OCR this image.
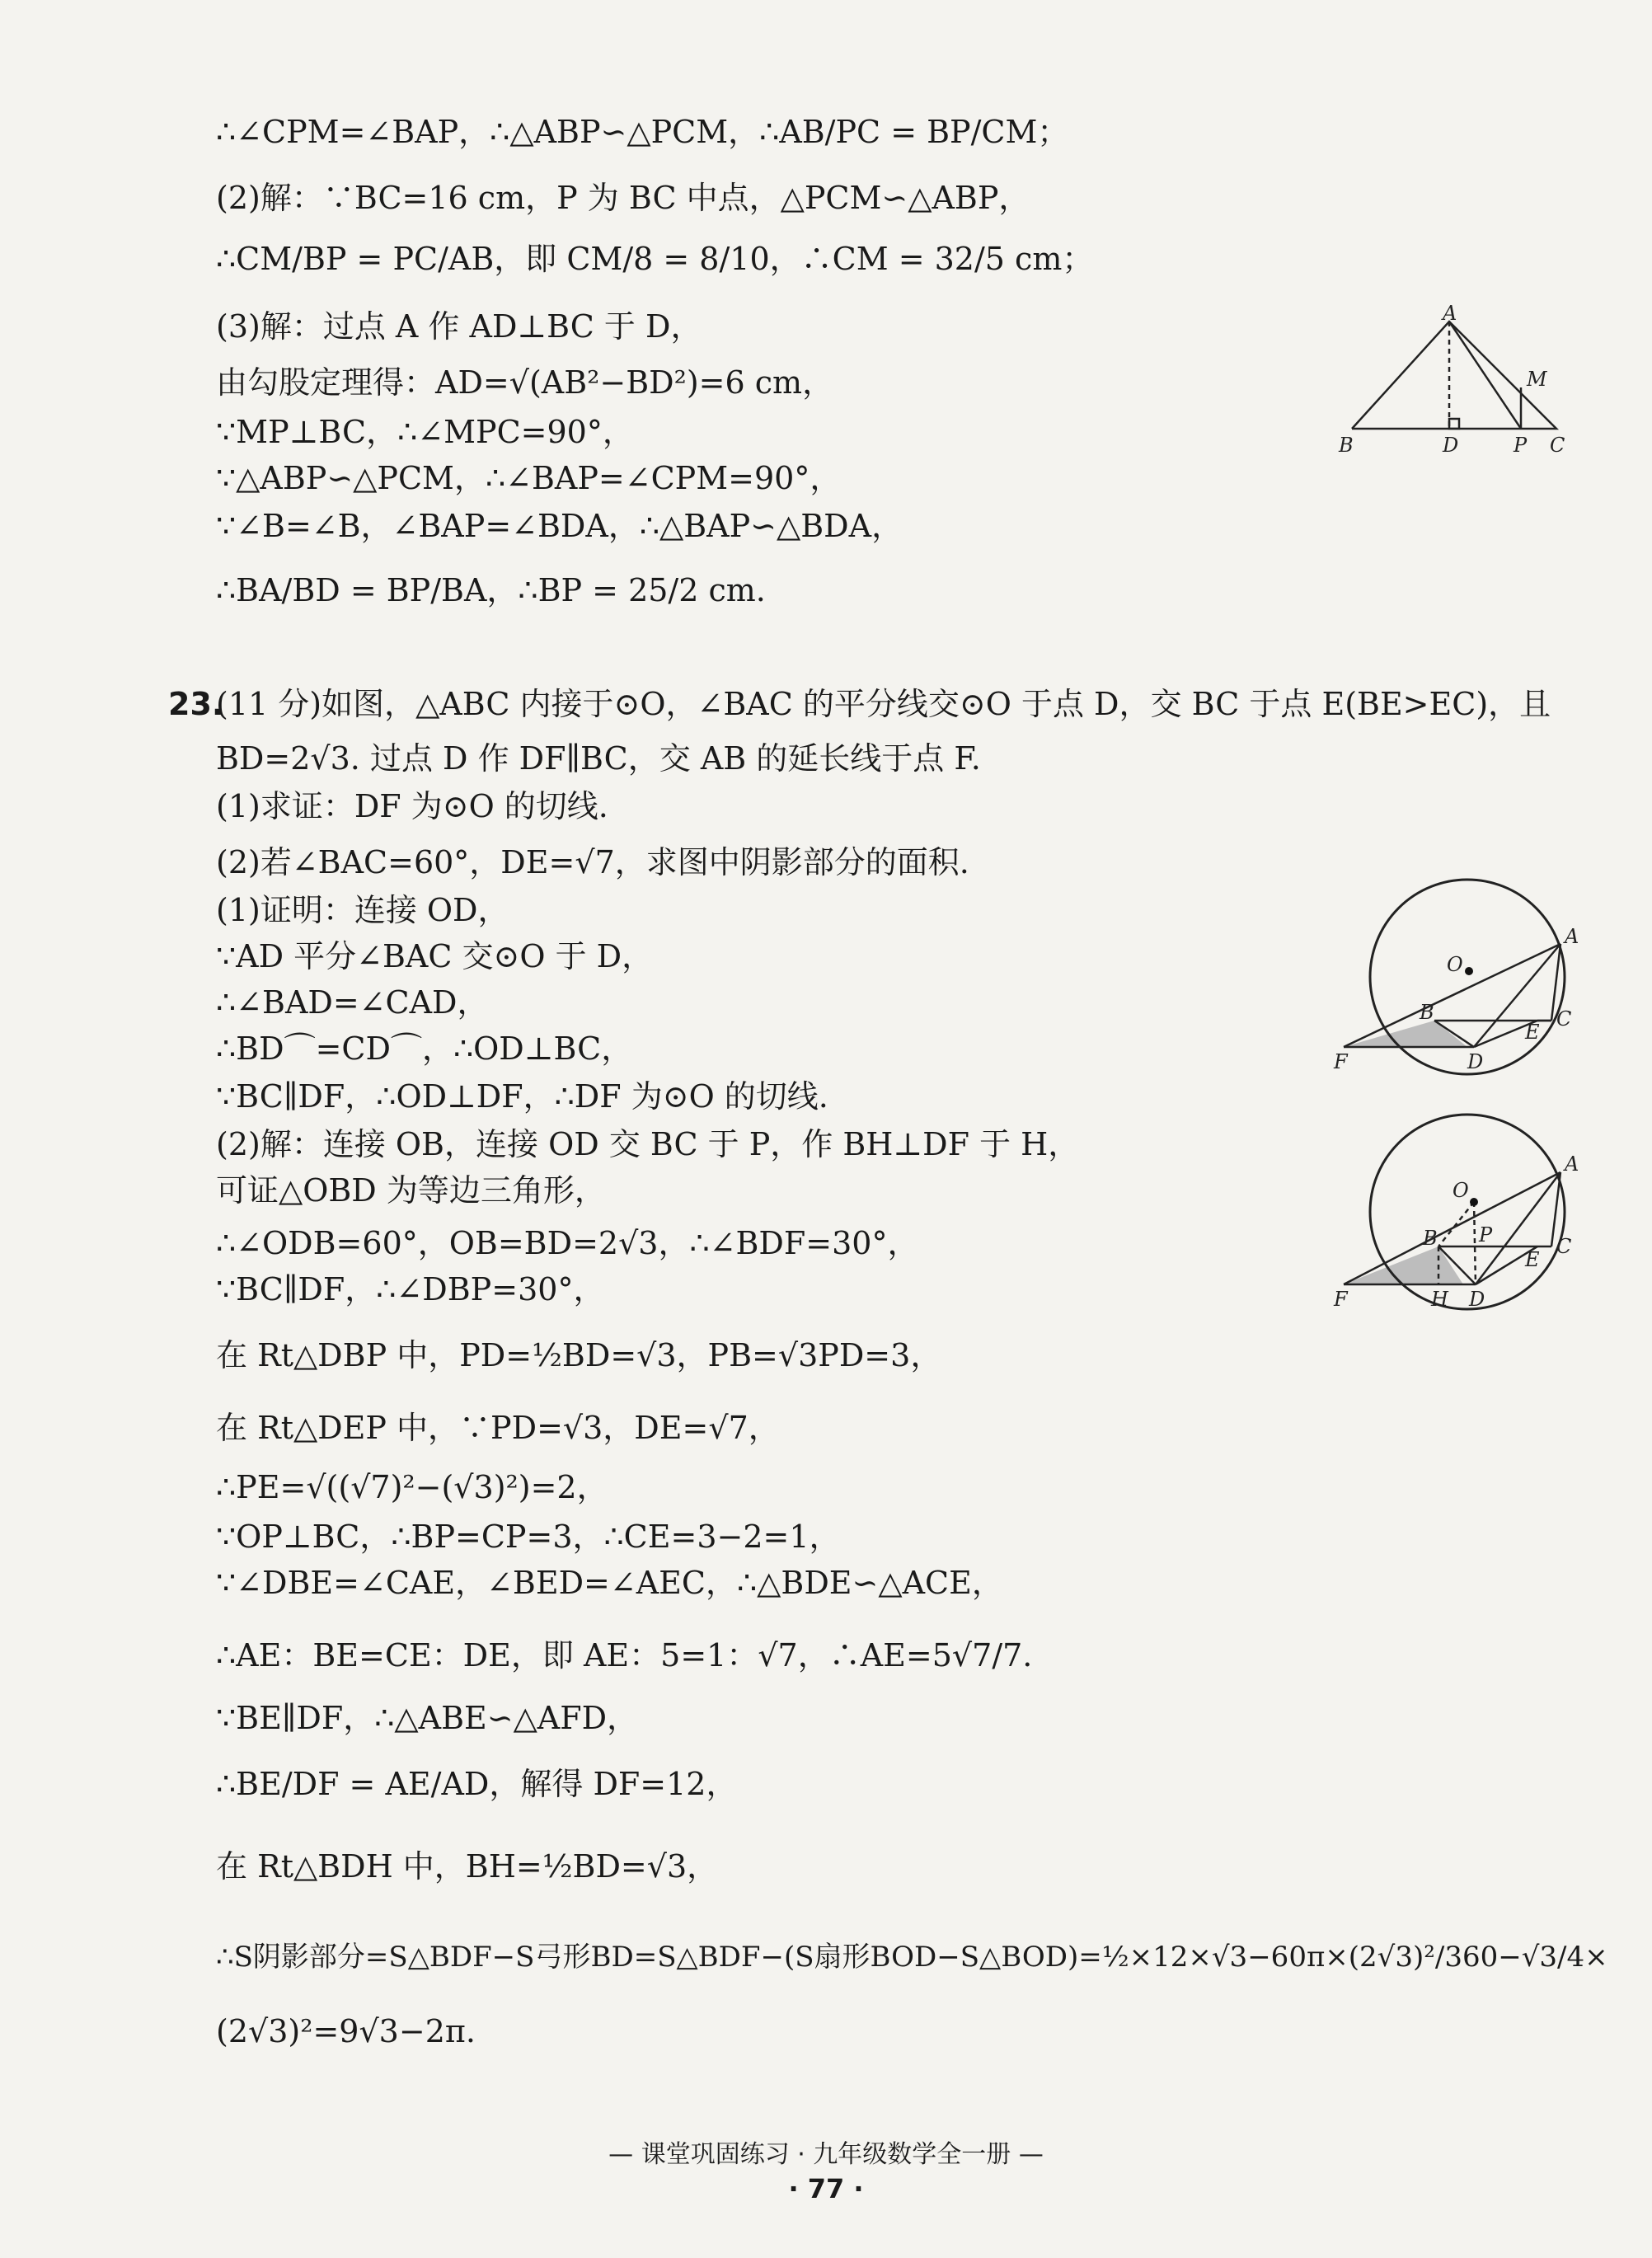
∴∠CPM=∠BAP，∴△ABP∽△PCM，∴AB/PC = BP/CM；
(2)解：∵BC=16 cm，P 为 BC 中点，△PCM∽△ABP，
∴CM/BP = PC/AB，即 CM/8 = 8/10，∴CM = 32/5 cm；
(3)解：过点 A 作 AD⊥BC 于 D，
由勾股定理得：AD=√(AB²−BD²)=6 cm，
∵MP⊥BC，∴∠MPC=90°，
∵△ABP∽△PCM，∴∠BAP=∠CPM=90°，
∵∠B=∠B，∠BAP=∠BDA，∴△BAP∽△BDA，
∴BA/BD = BP/BA，∴BP = 25/2 cm.
A
M
B	D	P C
23.
(11 分)如图，△ABC 内接于⊙O，∠BAC 的平分线交⊙O 于点 D，交 BC 于点 E(BE>EC)，且
BD=2√3. 过点 D 作 DF∥BC，交 AB 的延长线于点 F.
(1)求证：DF 为⊙O 的切线.
(2)若∠BAC=60°，DE=√7，求图中阴影部分的面积.
(1)证明：连接 OD，
∵AD 平分∠BAC 交⊙O 于 D，
∴∠BAD=∠CAD，
∴BD⌒=CD⌒，∴OD⊥BC，
∵BC∥DF，∴OD⊥DF，∴DF 为⊙O 的切线.
(2)解：连接 OB，连接 OD 交 BC 于 P，作 BH⊥DF 于 H，
可证△OBD 为等边三角形，
∴∠ODB=60°，OB=BD=2√3，∴∠BDF=30°，
∵BC∥DF，∴∠DBP=30°，
在 Rt△DBP 中，PD=½BD=√3，PB=√3PD=3，
在 Rt△DEP 中，∵PD=√3，DE=√7，
∴PE=√((√7)²−(√3)²)=2，
∵OP⊥BC，∴BP=CP=3，∴CE=3−2=1，
∵∠DBE=∠CAE，∠BED=∠AEC，∴△BDE∽△ACE，
∴AE：BE=CE：DE，即 AE：5=1：√7，∴AE=5√7/7.
∵BE∥DF，∴△ABE∽△AFD，
∴BE/DF = AE/AD，解得 DF=12，
在 Rt△BDH 中，BH=½BD=√3，
∴S阴影部分=S△BDF−S弓形BD=S△BDF−(S扇形BOD−S△BOD)=½×12×√3−60π×(2√3)²/360−√3/4×
(2√3)²=9√3−2π.
O
A
B	C
E
F	D
O
A
B P	C
E
F	H D
— 课堂巩固练习 · 九年级数学全一册 —
· 77 ·
